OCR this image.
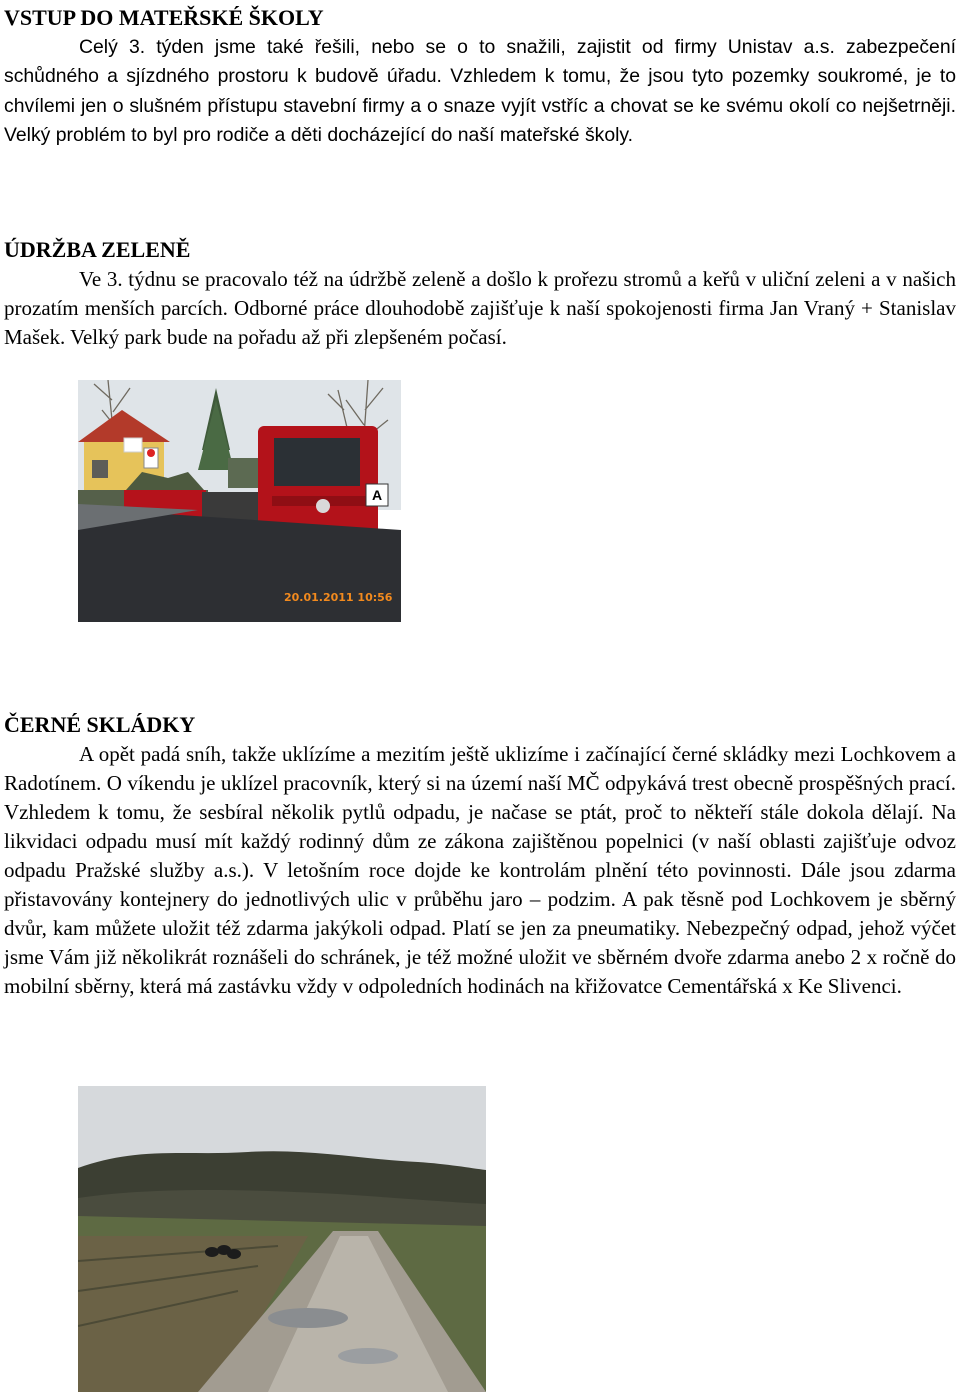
VSTUP DO MATEŘSKÉ ŠKOLY
Celý 3. týden jsme také řešili, nebo se o to snažili, zajistit od firmy Unistav a.s. zabezpečení schůdného a sjízdného prostoru k budově úřadu. Vzhledem k tomu, že jsou tyto pozemky soukromé, je to chvílemi jen o slušném přístupu stavební firmy a o snaze vyjít vstříc a chovat se ke svému okolí co nejšetrněji. Velký problém to byl pro rodiče a děti docházející do naší mateřské školy.
ÚDRŽBA ZELENĚ
Ve 3. týdnu se pracovalo též na údržbě zeleně a došlo k prořezu stromů a keřů v uliční zeleni a v našich prozatím menších parcích. Odborné práce dlouhodobě zajišťuje k naší spokojenosti firma Jan Vraný + Stanislav Mašek. Velký park bude na pořadu až při zlepšeném počasí.
A
20.01.2011 10:56
ČERNÉ SKLÁDKY
A opět padá sníh, takže uklízíme a mezitím ještě uklizíme i začínající černé skládky mezi Lochkovem a Radotínem. O víkendu je uklízel pracovník, který si na území naší MČ odpykává trest obecně prospěšných prací. Vzhledem k tomu, že sesbíral několik pytlů odpadu, je načase se ptát, proč to někteří stále dokola dělají. Na likvidaci odpadu musí mít každý rodinný dům ze zákona zajištěnou popelnici (v naší oblasti zajišťuje odvoz odpadu Pražské služby a.s.). V letošním roce dojde ke kontrolám plnění této povinnosti. Dále jsou zdarma přistavovány kontejnery do jednotlivých ulic v průběhu jaro – podzim. A pak těsně pod Lochkovem je sběrný dvůr, kam můžete uložit též zdarma jakýkoli odpad. Platí se jen za pneumatiky. Nebezpečný odpad, jehož výčet jsme Vám již několikrát roznášeli do schránek, je též možné uložit ve sběrném dvoře zdarma anebo 2 x ročně do mobilní sběrny, která má zastávku vždy v odpoledních hodinách na křižovatce Cementářská x Ke Slivenci.
